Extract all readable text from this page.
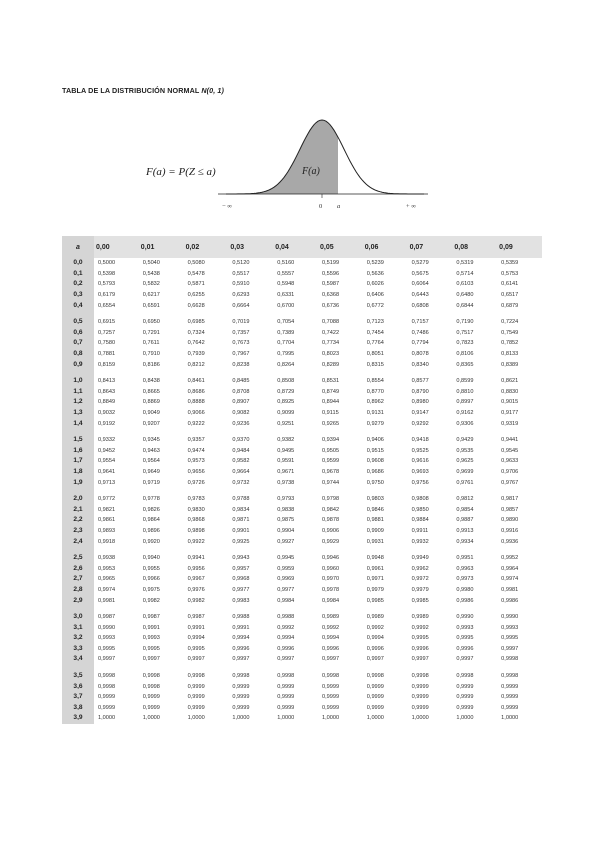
TABLA DE LA DISTRIBUCIÓN NORMAL N(0, 1)
F(a) = P(Z ≤ a)	F(a)
− ∞	0 a	+ ∞
a	0,00	0,01	0,02	0,03	0,04	0,05	0,06	0,07	0,08	0,09
0,0	0,5000	0,5040	0,5080	0,5120	0,5160	0,5199	0,5239	0,5279	0,5319	0,5359
0,1	0,5398	0,5438	0,5478	0,5517	0,5557	0,5596	0,5636	0,5675	0,5714	0,5753
0,2	0,5793	0,5832	0,5871	0,5910	0,5948	0,5987	0,6026	0,6064	0,6103	0,6141
0,3	0,6179	0,6217	0,6255	0,6293	0,6331	0,6368	0,6406	0,6443	0,6480	0,6517
0,4	0,6554	0,6591	0,6628	0,6664	0,6700	0,6736	0,6772	0,6808	0,6844	0,6879

0,5	0,6915	0,6950	0,6985	0,7019	0,7054	0,7088	0,7123	0,7157	0,7190	0,7224
0,6	0,7257	0,7291	0,7324	0,7357	0,7389	0,7422	0,7454	0,7486	0,7517	0,7549
0,7	0,7580	0,7611	0,7642	0,7673	0,7704	0,7734	0,7764	0,7794	0,7823	0,7852
0,8	0,7881	0,7910	0,7939	0,7967	0,7995	0,8023	0,8051	0,8078	0,8106	0,8133
0,9	0,8159	0,8186	0,8212	0,8238	0,8264	0,8289	0,8315	0,8340	0,8365	0,8389

1,0	0,8413	0,8438	0,8461	0,8485	0,8508	0,8531	0,8554	0,8577	0,8599	0,8621
1,1	0,8643	0,8665	0,8686	0,8708	0,8729	0,8749	0,8770	0,8790	0,8810	0,8830
1,2	0,8849	0,8869	0,8888	0,8907	0,8925	0,8944	0,8962	0,8980	0,8997	0,9015
1,3	0,9032	0,9049	0,9066	0,9082	0,9099	0,9115	0,9131	0,9147	0,9162	0,9177
1,4	0,9192	0,9207	0,9222	0,9236	0,9251	0,9265	0,9279	0,9292	0,9306	0,9319

1,5	0,9332	0,9345	0,9357	0,9370	0,9382	0,9394	0,9406	0,9418	0,9429	0,9441
1,6	0,9452	0,9463	0,9474	0,9484	0,9495	0,9505	0,9515	0,9525	0,9535	0,9545
1,7	0,9554	0,9564	0,9573	0,9582	0,9591	0,9599	0,9608	0,9616	0,9625	0,9633
1,8	0,9641	0,9649	0,9656	0,9664	0,9671	0,9678	0,9686	0,9693	0,9699	0,9706
1,9	0,9713	0,9719	0,9726	0,9732	0,9738	0,9744	0,9750	0,9756	0,9761	0,9767

2,0	0,9772	0,9778	0,9783	0,9788	0,9793	0,9798	0,9803	0,9808	0,9812	0,9817
2,1	0,9821	0,9826	0,9830	0,9834	0,9838	0,9842	0,9846	0,9850	0,9854	0,9857
2,2	0,9861	0,9864	0,9868	0,9871	0,9875	0,9878	0,9881	0,9884	0,9887	0,9890
2,3	0,9893	0,9896	0,9898	0,9901	0,9904	0,9906	0,9909	0,9911	0,9913	0,9916
2,4	0,9918	0,9920	0,9922	0,9925	0,9927	0,9929	0,9931	0,9932	0,9934	0,9936

2,5	0,9938	0,9940	0,9941	0,9943	0,9945	0,9946	0,9948	0,9949	0,9951	0,9952
2,6	0,9953	0,9955	0,9956	0,9957	0,9959	0,9960	0,9961	0,9962	0,9963	0,9964
2,7	0,9965	0,9966	0,9967	0,9968	0,9969	0,9970	0,9971	0,9972	0,9973	0,9974
2,8	0,9974	0,9975	0,9976	0,9977	0,9977	0,9978	0,9979	0,9979	0,9980	0,9981
2,9	0,9981	0,9982	0,9982	0,9983	0,9984	0,9984	0,9985	0,9985	0,9986	0,9986

3,0	0,9987	0,9987	0,9987	0,9988	0,9988	0,9989	0,9989	0,9989	0,9990	0,9990
3,1	0,9990	0,9991	0,9991	0,9991	0,9992	0,9992	0,9992	0,9992	0,9993	0,9993
3,2	0,9993	0,9993	0,9994	0,9994	0,9994	0,9994	0,9994	0,9995	0,9995	0,9995
3,3	0,9995	0,9995	0,9995	0,9996	0,9996	0,9996	0,9996	0,9996	0,9996	0,9997
3,4	0,9997	0,9997	0,9997	0,9997	0,9997	0,9997	0,9997	0,9997	0,9997	0,9998

3,5	0,9998	0,9998	0,9998	0,9998	0,9998	0,9998	0,9998	0,9998	0,9998	0,9998
3,6	0,9998	0,9998	0,9999	0,9999	0,9999	0,9999	0,9999	0,9999	0,9999	0,9999
3,7	0,9999	0,9999	0,9999	0,9999	0,9999	0,9999	0,9999	0,9999	0,9999	0,9999
3,8	0,9999	0,9999	0,9999	0,9999	0,9999	0,9999	0,9999	0,9999	0,9999	0,9999
3,9	1,0000	1,0000	1,0000	1,0000	1,0000	1,0000	1,0000	1,0000	1,0000	1,0000
